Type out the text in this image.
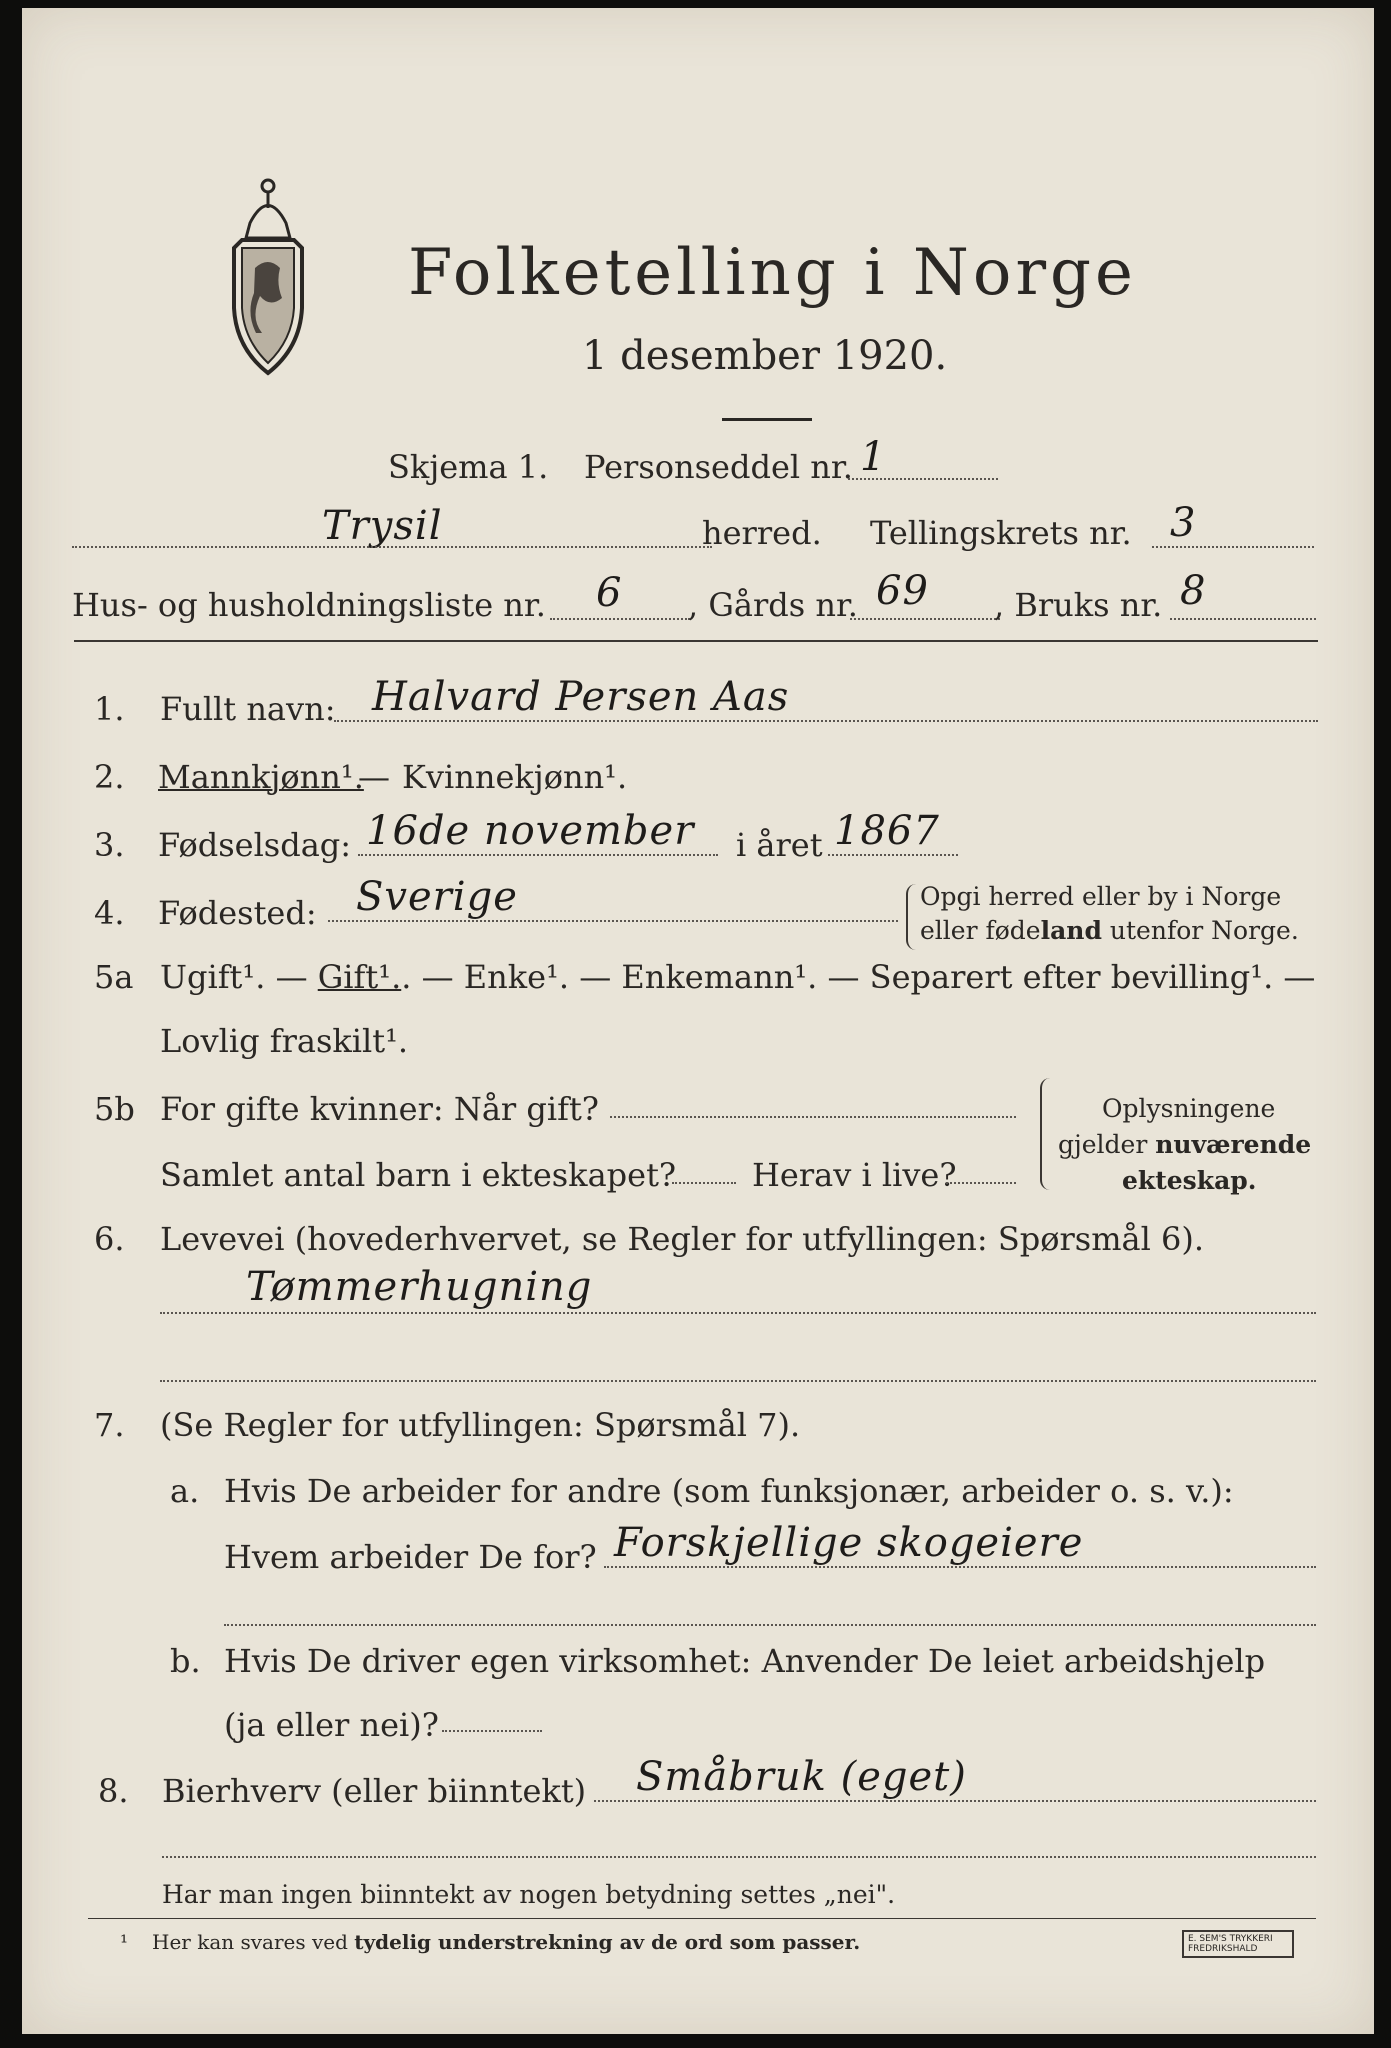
Folketelling i Norge
1 desember 1920.
Skjema 1. Personseddel nr. 1
Trysil	herred. Tellingskrets nr. 3
Hus- og husholdningsliste nr. 6 , Gårds nr. 69 , Bruks nr. 8
1. Fullt navn: Halvard Persen Aas
2. Mannkjønn¹.
— Kvinnekjønn¹.
3. Fødselsdag: 16de november i året 1867
4. Fødested: Sverige	Opgi herred eller by i Norge
eller fødeland utenfor Norge.
5a Ugift¹. — Gift¹.. — Enke¹. — Enkemann¹. — Separert efter bevilling¹. —
Lovlig fraskilt¹.
5b For gifte kvinner: Når gift?
Samlet antal barn i ekteskapet? Herav i live?
Oplysningene
gjelder nuværende
ekteskap.
6. Levevei (hovederhvervet, se Regler for utfyllingen: Spørsmål 6).
Tømmerhugning
7. (Se Regler for utfyllingen: Spørsmål 7).
a. Hvis De arbeider for andre (som funksjonær, arbeider o. s. v.):
Hvem arbeider De for? Forskjellige skogeiere
b. Hvis De driver egen virksomhet: Anvender De leiet arbeidshjelp
(ja eller nei)?
8. Bierhverv (eller biinntekt) Småbruk (eget)
Har man ingen biinntekt av nogen betydning settes „nei".
¹ Her kan svares ved tydelig understrekning av de ord som passer.	E. SEM'S TRYKKERI FREDRIKSHALD
